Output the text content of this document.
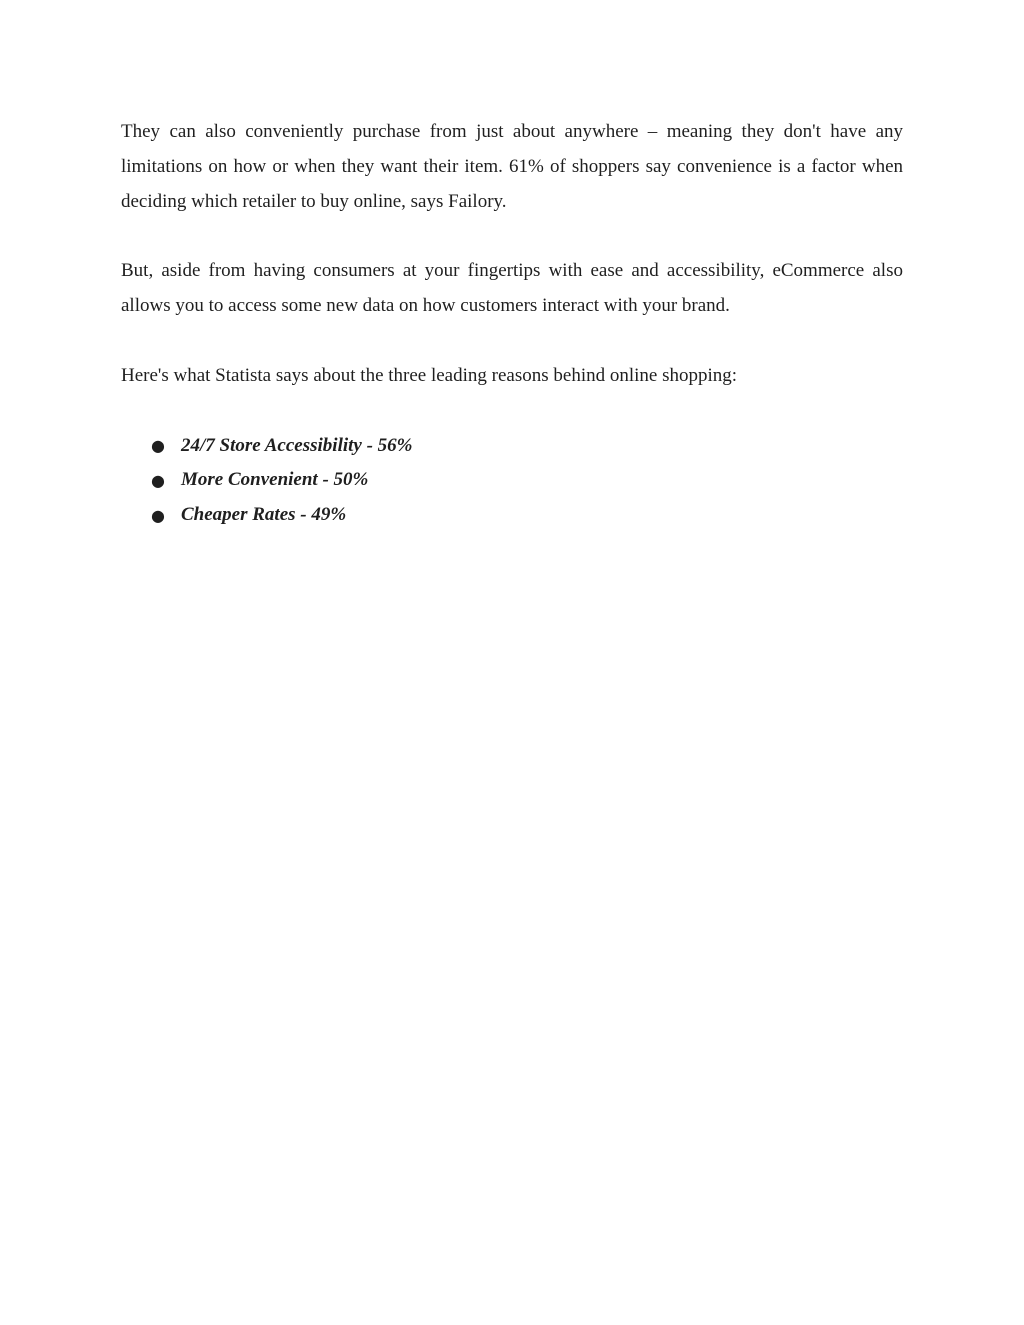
They can also conveniently purchase from just about anywhere – meaning they don't have any limitations on how or when they want their item. 61% of shoppers say convenience is a factor when deciding which retailer to buy online, says Failory.

But, aside from having consumers at your fingertips with ease and accessibility, eCommerce also allows you to access some new data on how customers interact with your brand.

Here's what Statista says about the three leading reasons behind online shopping:

● 24/7 Store Accessibility - 56%
● More Convenient - 50%
● Cheaper Rates - 49%
